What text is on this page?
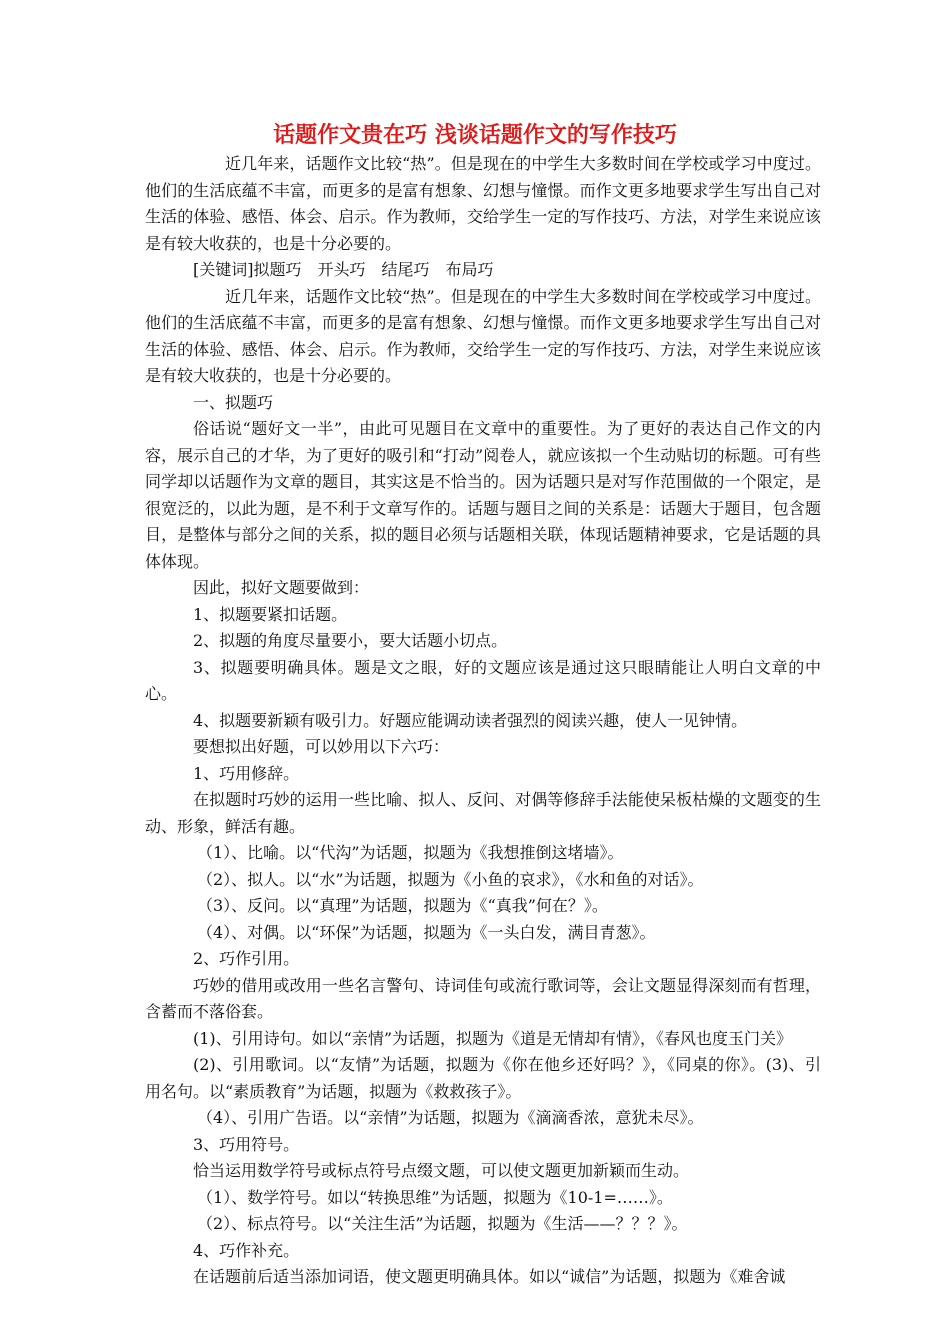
话题作文贵在巧 浅谈话题作文的写作技巧

近几年来，话题作文比较“热”。但是现在的中学生大多数时间在学校或学习中度过。他们的生活底蕴不丰富，而更多的是富有想象、幻想与憧憬。而作文更多地要求学生写出自己对生活的体验、感悟、体会、启示。作为教师，交给学生一定的写作技巧、方法，对学生来说应该是有较大收获的，也是十分必要的。

[关键词]拟题巧　开头巧　结尾巧　布局巧

近几年来，话题作文比较“热”。但是现在的中学生大多数时间在学校或学习中度过。他们的生活底蕴不丰富，而更多的是富有想象、幻想与憧憬。而作文更多地要求学生写出自己对生活的体验、感悟、体会、启示。作为教师，交给学生一定的写作技巧、方法，对学生来说应该是有较大收获的，也是十分必要的。

一、拟题巧

俗话说“题好文一半”，由此可见题目在文章中的重要性。为了更好的表达自己作文的内容，展示自己的才华，为了更好的吸引和“打动”阅卷人，就应该拟一个生动贴切的标题。可有些同学却以话题作为文章的题目，其实这是不恰当的。因为话题只是对写作范围做的一个限定，是很宽泛的，以此为题，是不利于文章写作的。话题与题目之间的关系是：话题大于题目，包含题目，是整体与部分之间的关系，拟的题目必须与话题相关联，体现话题精神要求，它是话题的具体体现。

因此，拟好文题要做到：

1、拟题要紧扣话题。

2、拟题的角度尽量要小，要大话题小切点。

3、拟题要明确具体。题是文之眼，好的文题应该是通过这只眼睛能让人明白文章的中心。

4、拟题要新颖有吸引力。好题应能调动读者强烈的阅读兴趣，使人一见钟情。

要想拟出好题，可以妙用以下六巧：

1、巧用修辞。

在拟题时巧妙的运用一些比喻、拟人、反问、对偶等修辞手法能使呆板枯燥的文题变的生动、形象，鲜活有趣。

（1）、比喻。以“代沟”为话题，拟题为《我想推倒这堵墙》。

（2）、拟人。以“水”为话题，拟题为《小鱼的哀求》，《水和鱼的对话》。

（3）、反问。以“真理”为话题，拟题为《“真我”何在？》。

（4）、对偶。以“环保”为话题，拟题为《一头白发，满目青葱》。

2、巧作引用。

巧妙的借用或改用一些名言警句、诗词佳句或流行歌词等，会让文题显得深刻而有哲理，含蓄而不落俗套。

(1)、引用诗句。如以“亲情”为话题，拟题为《道是无情却有情》，《春风也度玉门关》

(2)、引用歌词。以“友情”为话题，拟题为《你在他乡还好吗？》，《同桌的你》。(3)、引用名句。以“素质教育”为话题，拟题为《救救孩子》。

（4）、引用广告语。以“亲情”为话题，拟题为《滴滴香浓，意犹未尽》。

3、巧用符号。

恰当运用数学符号或标点符号点缀文题，可以使文题更加新颖而生动。

（1）、数学符号。如以“转换思维”为话题，拟题为《10-1=……》。

（2）、标点符号。以“关注生活”为话题，拟题为《生活——？？？》。

4、巧作补充。

在话题前后适当添加词语，使文题更明确具体。如以“诚信”为话题，拟题为《难舍诚
